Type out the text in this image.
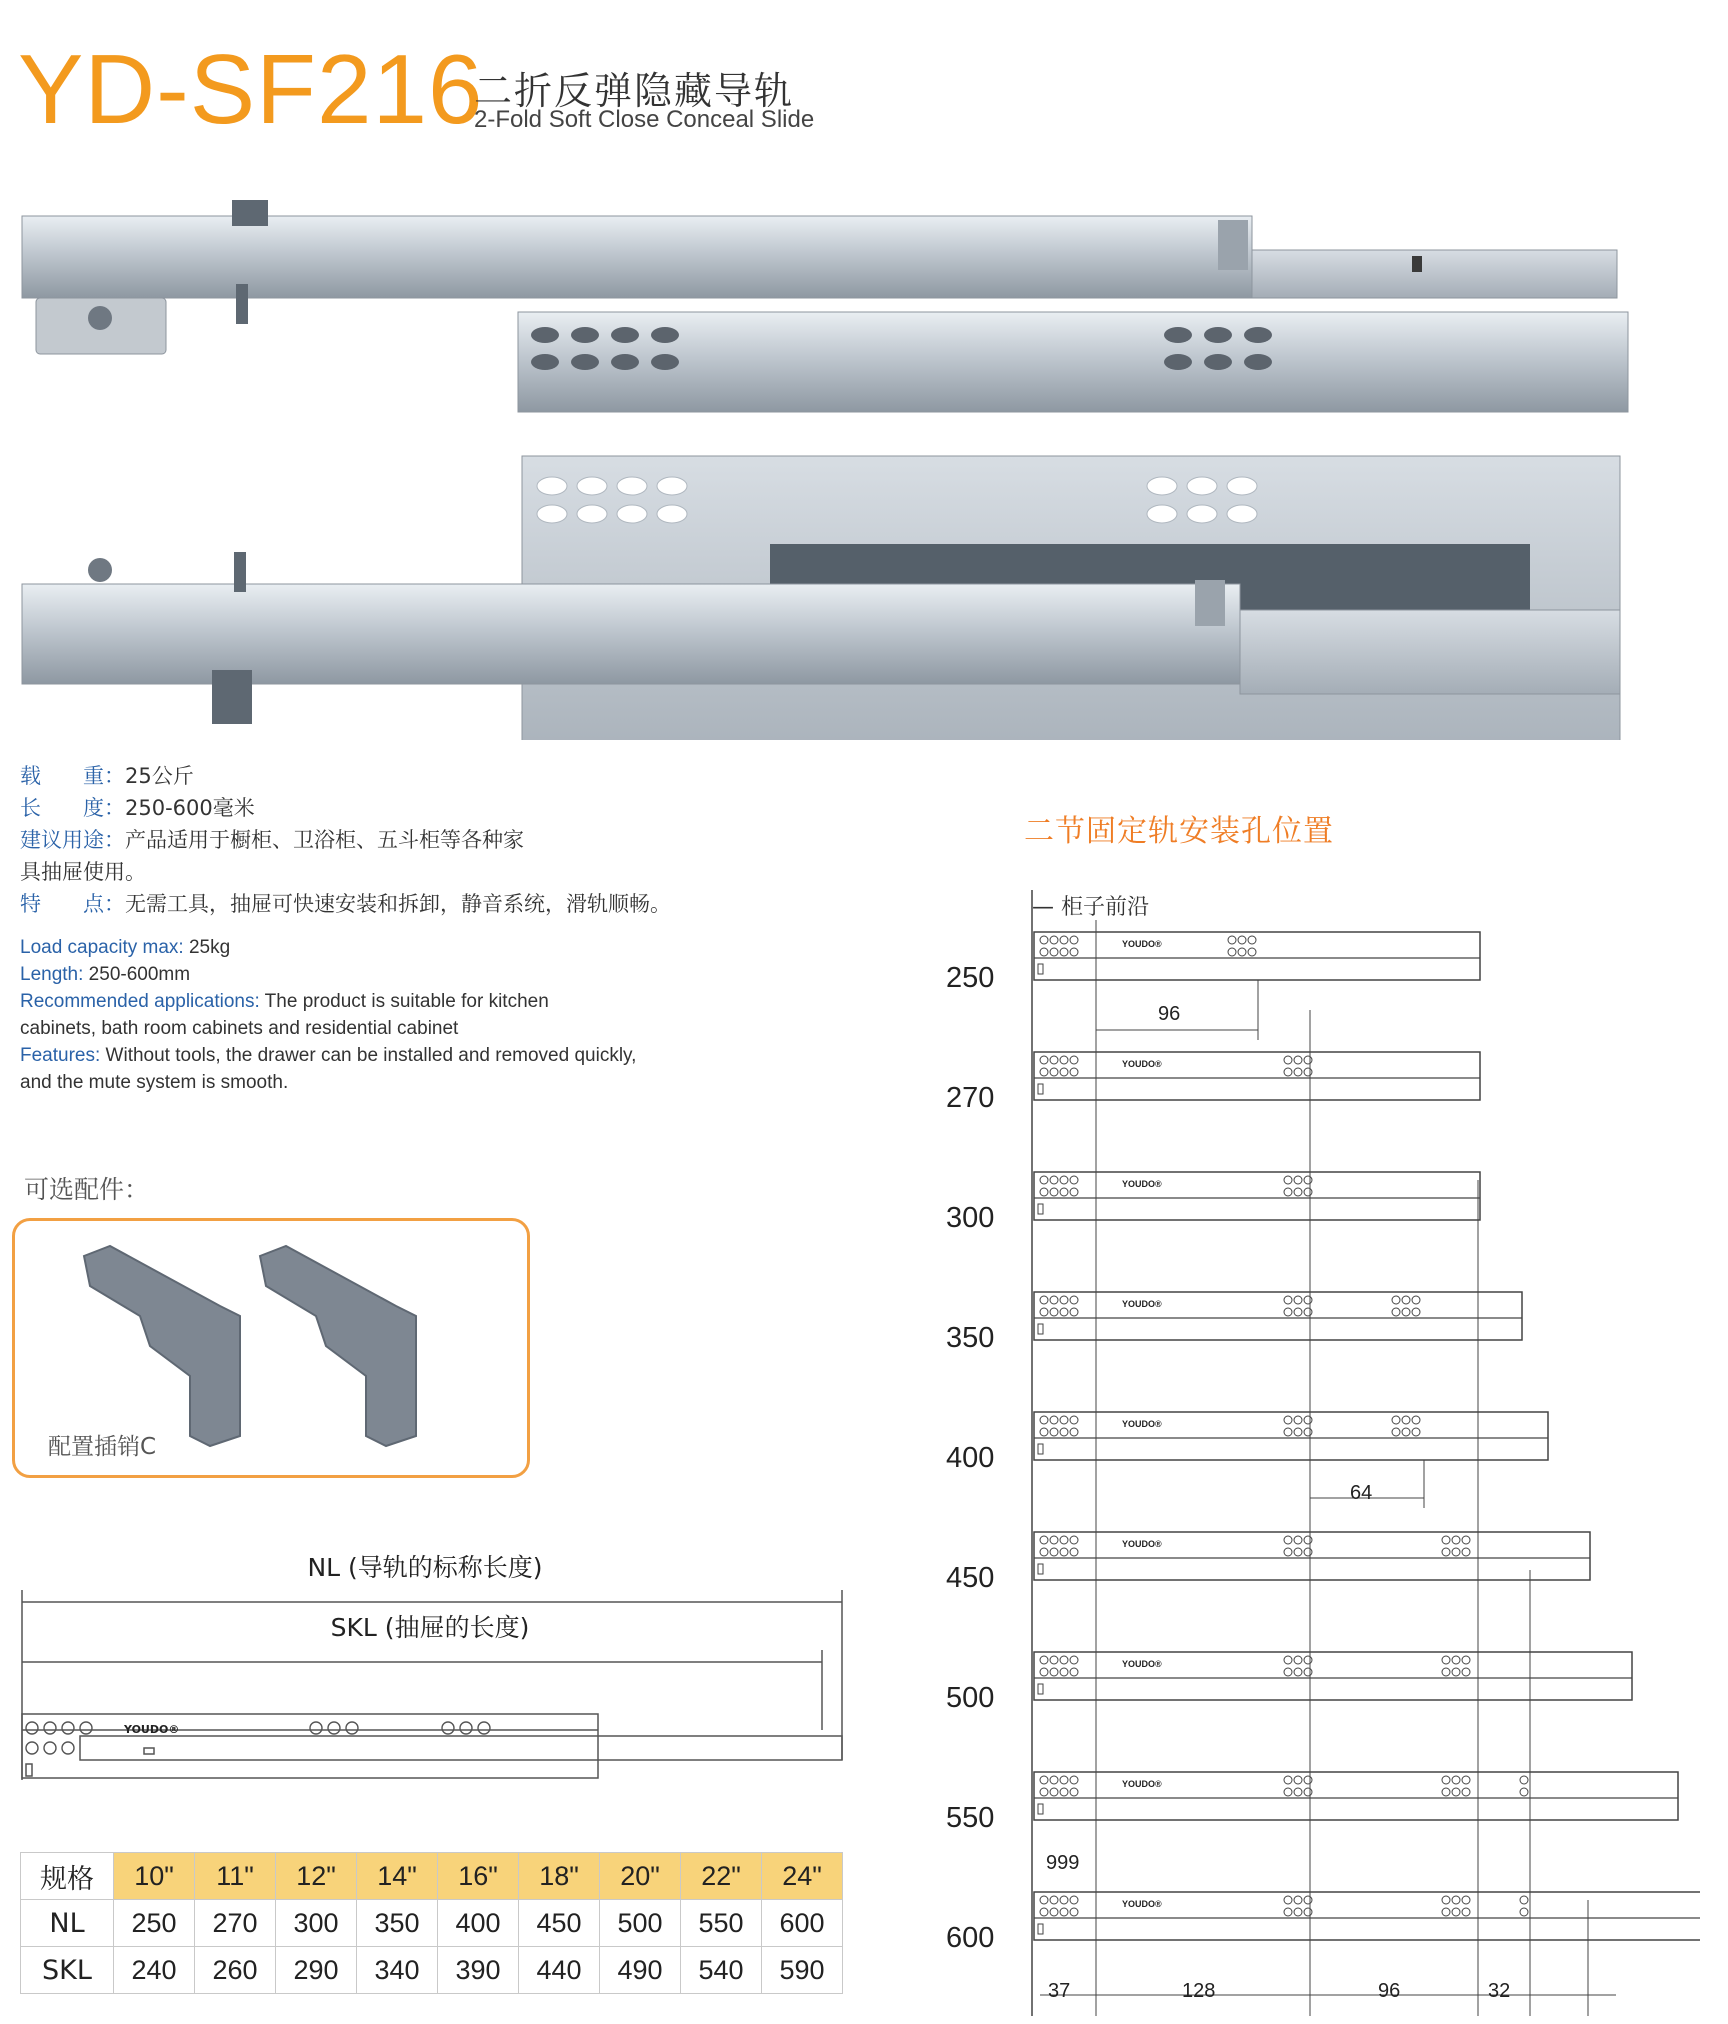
YD-SF216
二折反弹隐藏导轨
2-Fold Soft Close Conceal Slide
载　　重：25公斤
长　　度：250-600毫米
建议用途：产品适用于橱柜、卫浴柜、五斗柜等各种家
具抽屉使用。
特　　点：无需工具，抽屉可快速安装和拆卸，静音系统，滑轨顺畅。
Load capacity max: 25kg
Length: 250-600mm
Recommended applications: The product is suitable for kitchen
cabinets, bath room cabinets and residential cabinet
Features: Without tools, the drawer can be installed and removed quickly,
and the mute system is smooth.
可选配件：
配置插销C
NL (导轨的标称长度)
SKL (抽屉的长度)
YOUDO®
规格	10"	11"	12"	14"	16"	18"	20"	22"	24"
NL	250	270	300	350	400	450	500	550	600
SKL	240	260	290	340	390	440	490	540	590
二节固定轨安装孔位置
— 柜子前沿
YOUDO®
YOUDO®
YOUDO®
YOUDO®
YOUDO®
YOUDO®
YOUDO®
YOUDO®
YOUDO®
250
270
300
350
400
450
500
550
600
96
64
999
37	128	96	32
